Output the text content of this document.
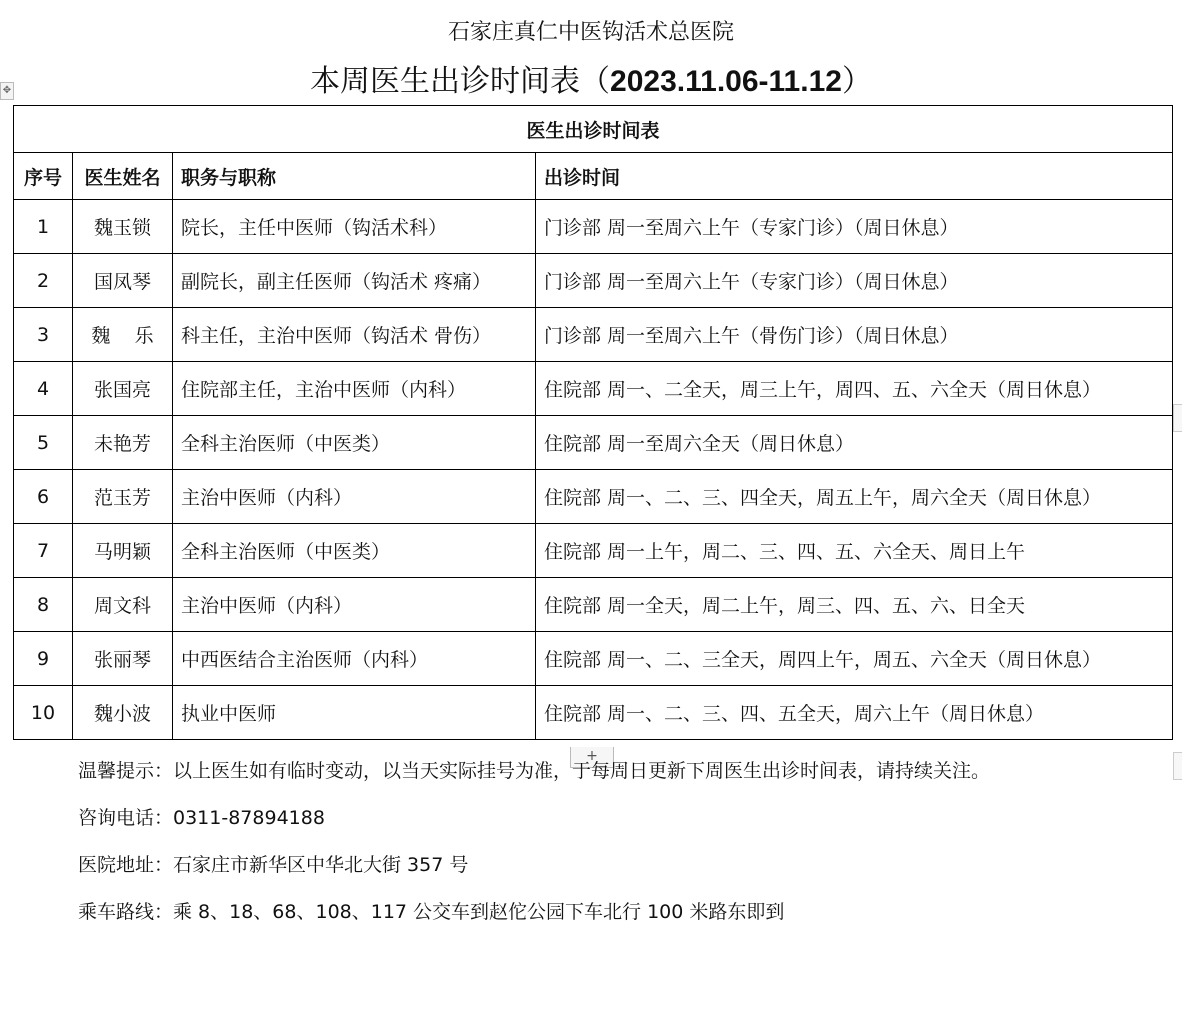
石家庄真仁中医钩活术总医院
本周医生出诊时间表（2023.11.06-11.12）
✥
医生出诊时间表			
序号	医生姓名	职务与职称	出诊时间
1	魏玉锁	院长，主任中医师（钩活术科）	门诊部 周一至周六上午（专家门诊）（周日休息）
2	国凤琴	副院长，副主任医师（钩活术 疼痛）	门诊部 周一至周六上午（专家门诊）（周日休息）
3	魏    乐	科主任，主治中医师（钩活术 骨伤）	门诊部 周一至周六上午（骨伤门诊）（周日休息）
4	张国亮	住院部主任，主治中医师（内科）	住院部 周一、二全天，周三上午，周四、五、六全天（周日休息）
5	未艳芳	全科主治医师（中医类）	住院部 周一至周六全天（周日休息）
6	范玉芳	主治中医师（内科）	住院部 周一、二、三、四全天，周五上午，周六全天（周日休息）
7	马明颖	全科主治医师（中医类）	住院部 周一上午，周二、三、四、五、六全天、周日上午
8	周文科	主治中医师（内科）	住院部 周一全天，周二上午，周三、四、五、六、日全天
9	张丽琴	中西医结合主治医师（内科）	住院部 周一、二、三全天，周四上午，周五、六全天（周日休息）
10	魏小波	执业中医师	住院部 周一、二、三、四、五全天，周六上午（周日休息）
+
温馨提示：以上医生如有临时变动，以当天实际挂号为准，于每周日更新下周医生出诊时间表，请持续关注。
咨询电话：0311-87894188
医院地址：石家庄市新华区中华北大街 357 号
乘车路线：乘 8、18、68、108、117 公交车到赵佗公园下车北行 100 米路东即到
